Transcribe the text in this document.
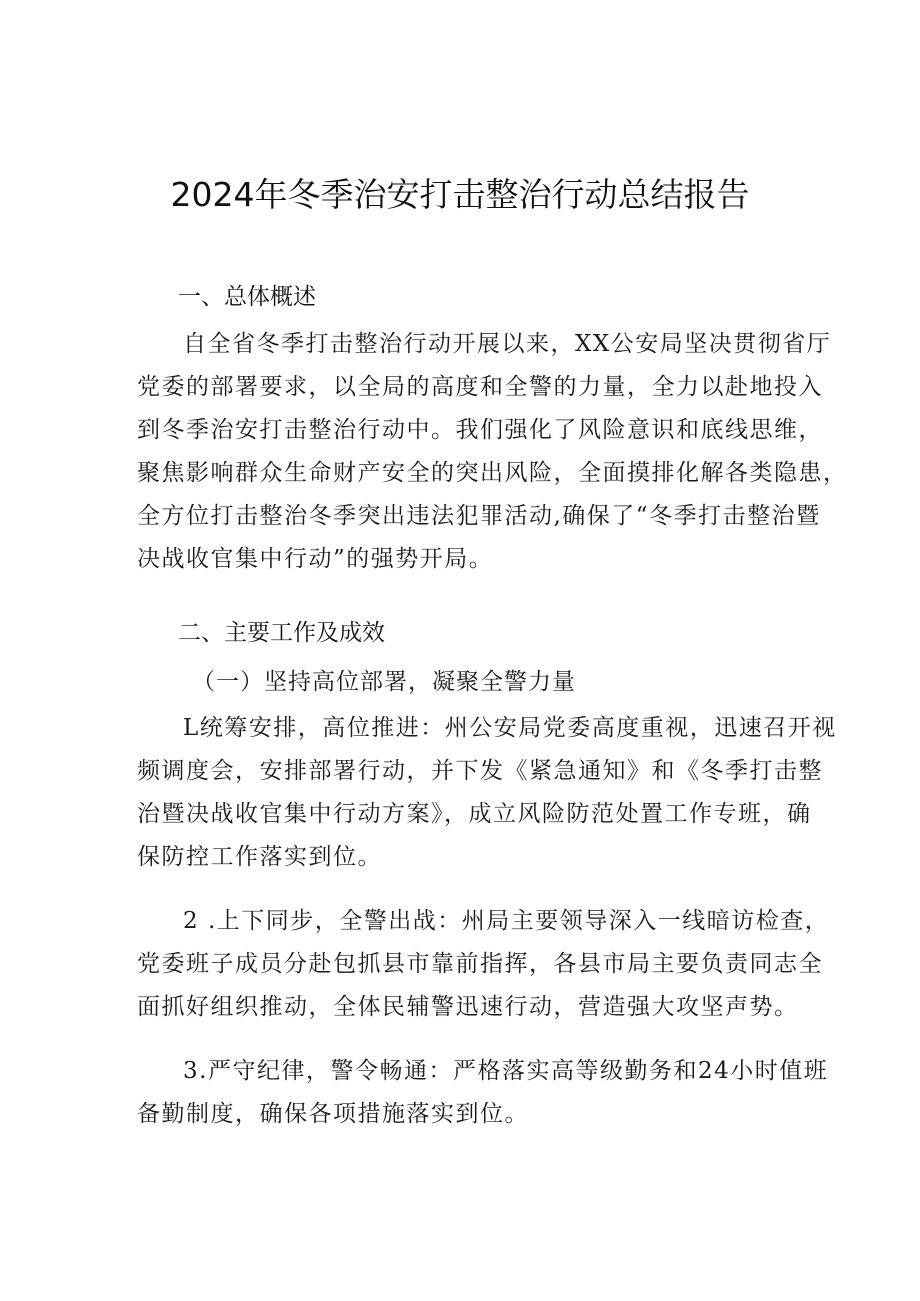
2024年冬季治安打击整治行动总结报告
一、总体概述
自全省冬季打击整治行动开展以来，XX公安局坚决贯彻省厅
党委的部署要求，以全局的高度和全警的力量，全力以赴地投入
到冬季治安打击整治行动中。我们强化了风险意识和底线思维，
聚焦影响群众生命财产安全的突出风险，全面摸排化解各类隐患，
全方位打击整治冬季突出违法犯罪活动,确保了“冬季打击整治暨
决战收官集中行动”的强势开局。
二、主要工作及成效
（一）坚持高位部署，凝聚全警力量
L统筹安排，高位推进：州公安局党委高度重视，迅速召开视
频调度会，安排部署行动，并下发《紧急通知》和《冬季打击整
治暨决战收官集中行动方案》，成立风险防范处置工作专班，确
保防控工作落实到位。
2 .上下同步，全警出战：州局主要领导深入一线暗访检查，
党委班子成员分赴包抓县市靠前指挥，各县市局主要负责同志全
面抓好组织推动，全体民辅警迅速行动，营造强大攻坚声势。
3.严守纪律，警令畅通：严格落实高等级勤务和24小时值班
备勤制度，确保各项措施落实到位。
